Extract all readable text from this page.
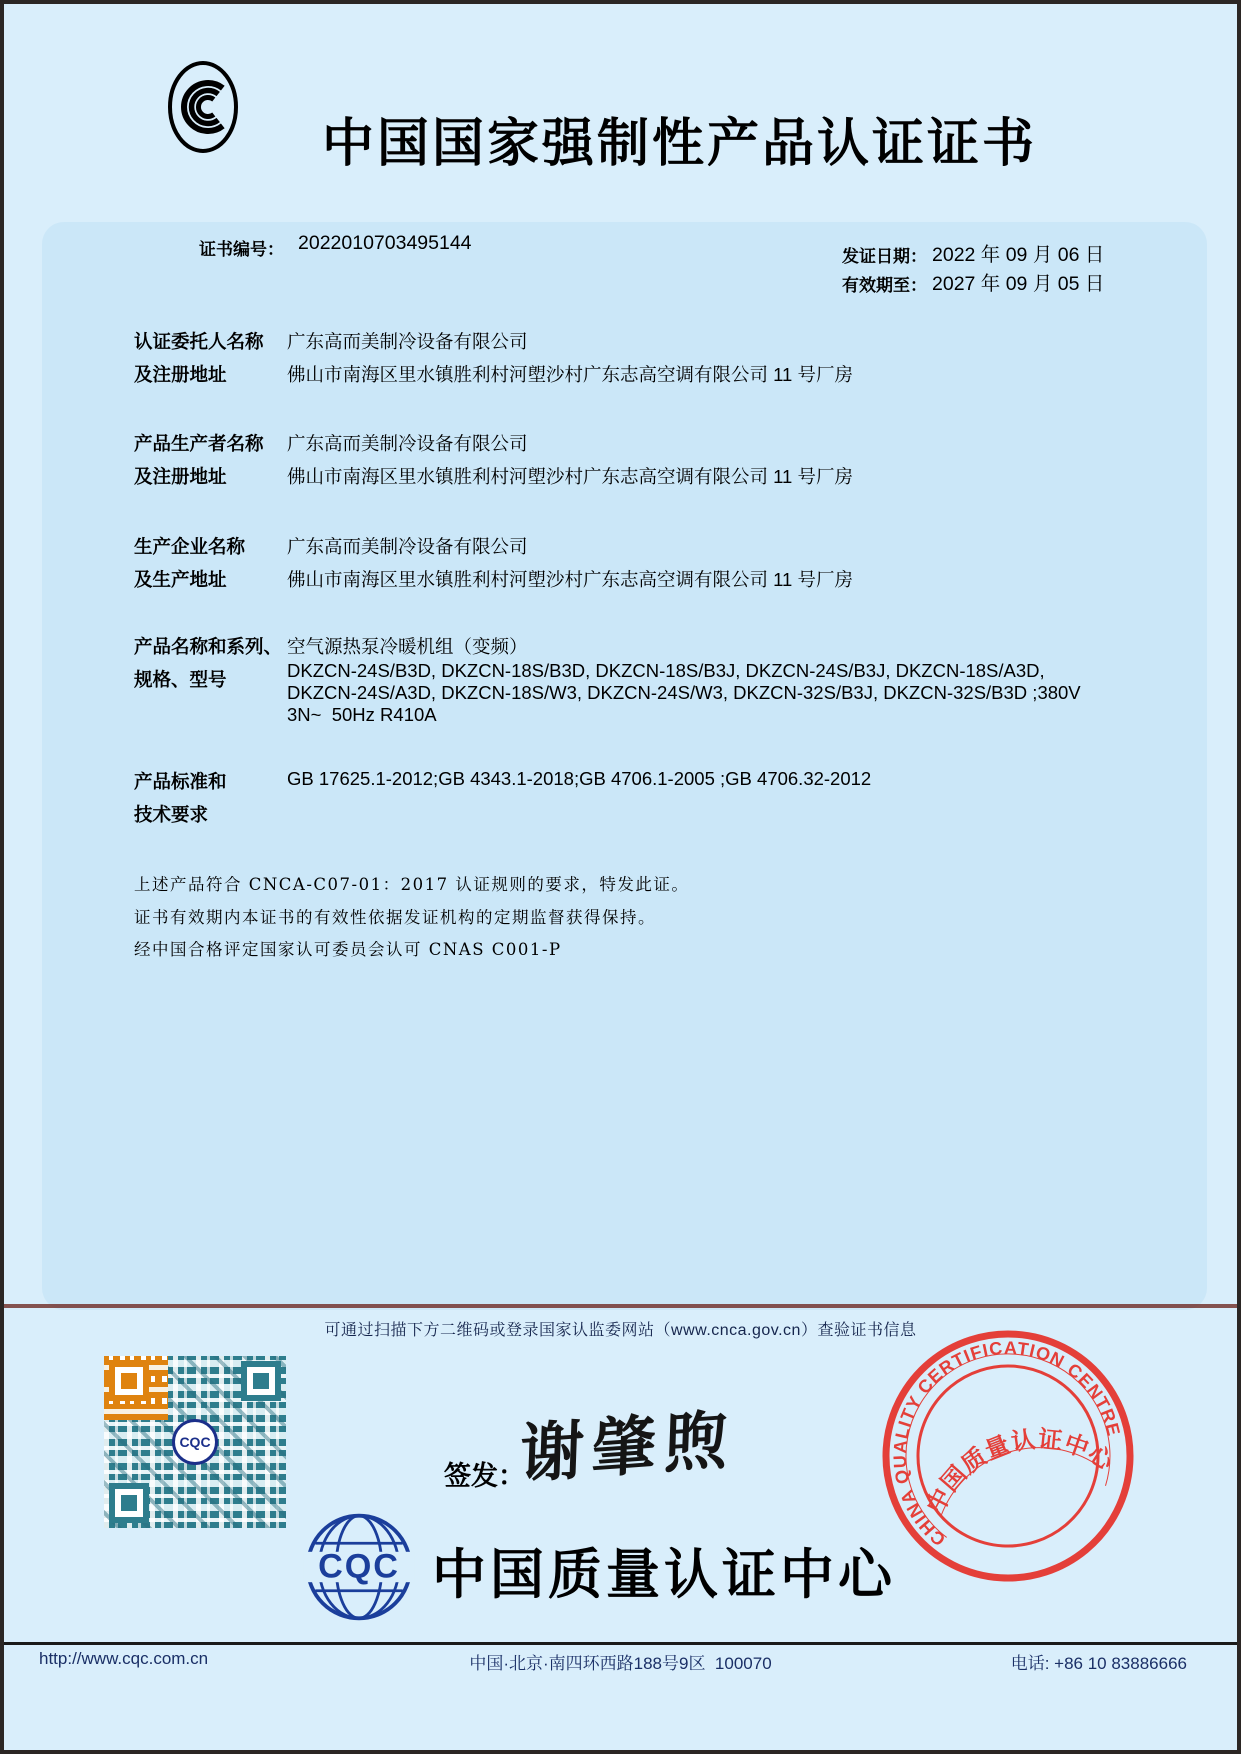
中国国家强制性产品认证证书
证书编号： 2022010703495144
发证日期： 2022 年 09 月 06 日
有效期至： 2027 年 09 月 05 日
认证委托人名称 广东高而美制冷设备有限公司
及注册地址	佛山市南海区里水镇胜利村河塱沙村广东志高空调有限公司 11 号厂房
产品生产者名称 广东高而美制冷设备有限公司
及注册地址	佛山市南海区里水镇胜利村河塱沙村广东志高空调有限公司 11 号厂房
生产企业名称 广东高而美制冷设备有限公司
及生产地址	佛山市南海区里水镇胜利村河塱沙村广东志高空调有限公司 11 号厂房
产品名称和系列、 空气源热泵冷暖机组（变频）
规格、型号	DKZCN-24S/B3D, DKZCN-18S/B3D, DKZCN-18S/B3J, DKZCN-24S/B3J, DKZCN-18S/A3D,
DKZCN-24S/A3D, DKZCN-18S/W3, DKZCN-24S/W3, DKZCN-32S/B3J, DKZCN-32S/B3D ;380V
3N~  50Hz R410A
产品标准和	GB 17625.1-2012;GB 4343.1-2018;GB 4706.1-2005 ;GB 4706.32-2012
技术要求
上述产品符合 CNCA-C07-01：2017 认证规则的要求，特发此证。
证书有效期内本证书的有效性依据发证机构的定期监督获得保持。
经中国合格评定国家认可委员会认可 CNAS C001-P
可通过扫描下方二维码或登录国家认监委网站（www.cnca.gov.cn）查验证书信息
CQC
签发：
谢肇煦
CQC 中国质量认证中心
CHINA QUALITY CERTIFICATION CENTRE
中国质量认证中心
http://www.cqc.com.cn	中国·北京·南四环西路188号9区  100070	电话: +86 10 83886666
